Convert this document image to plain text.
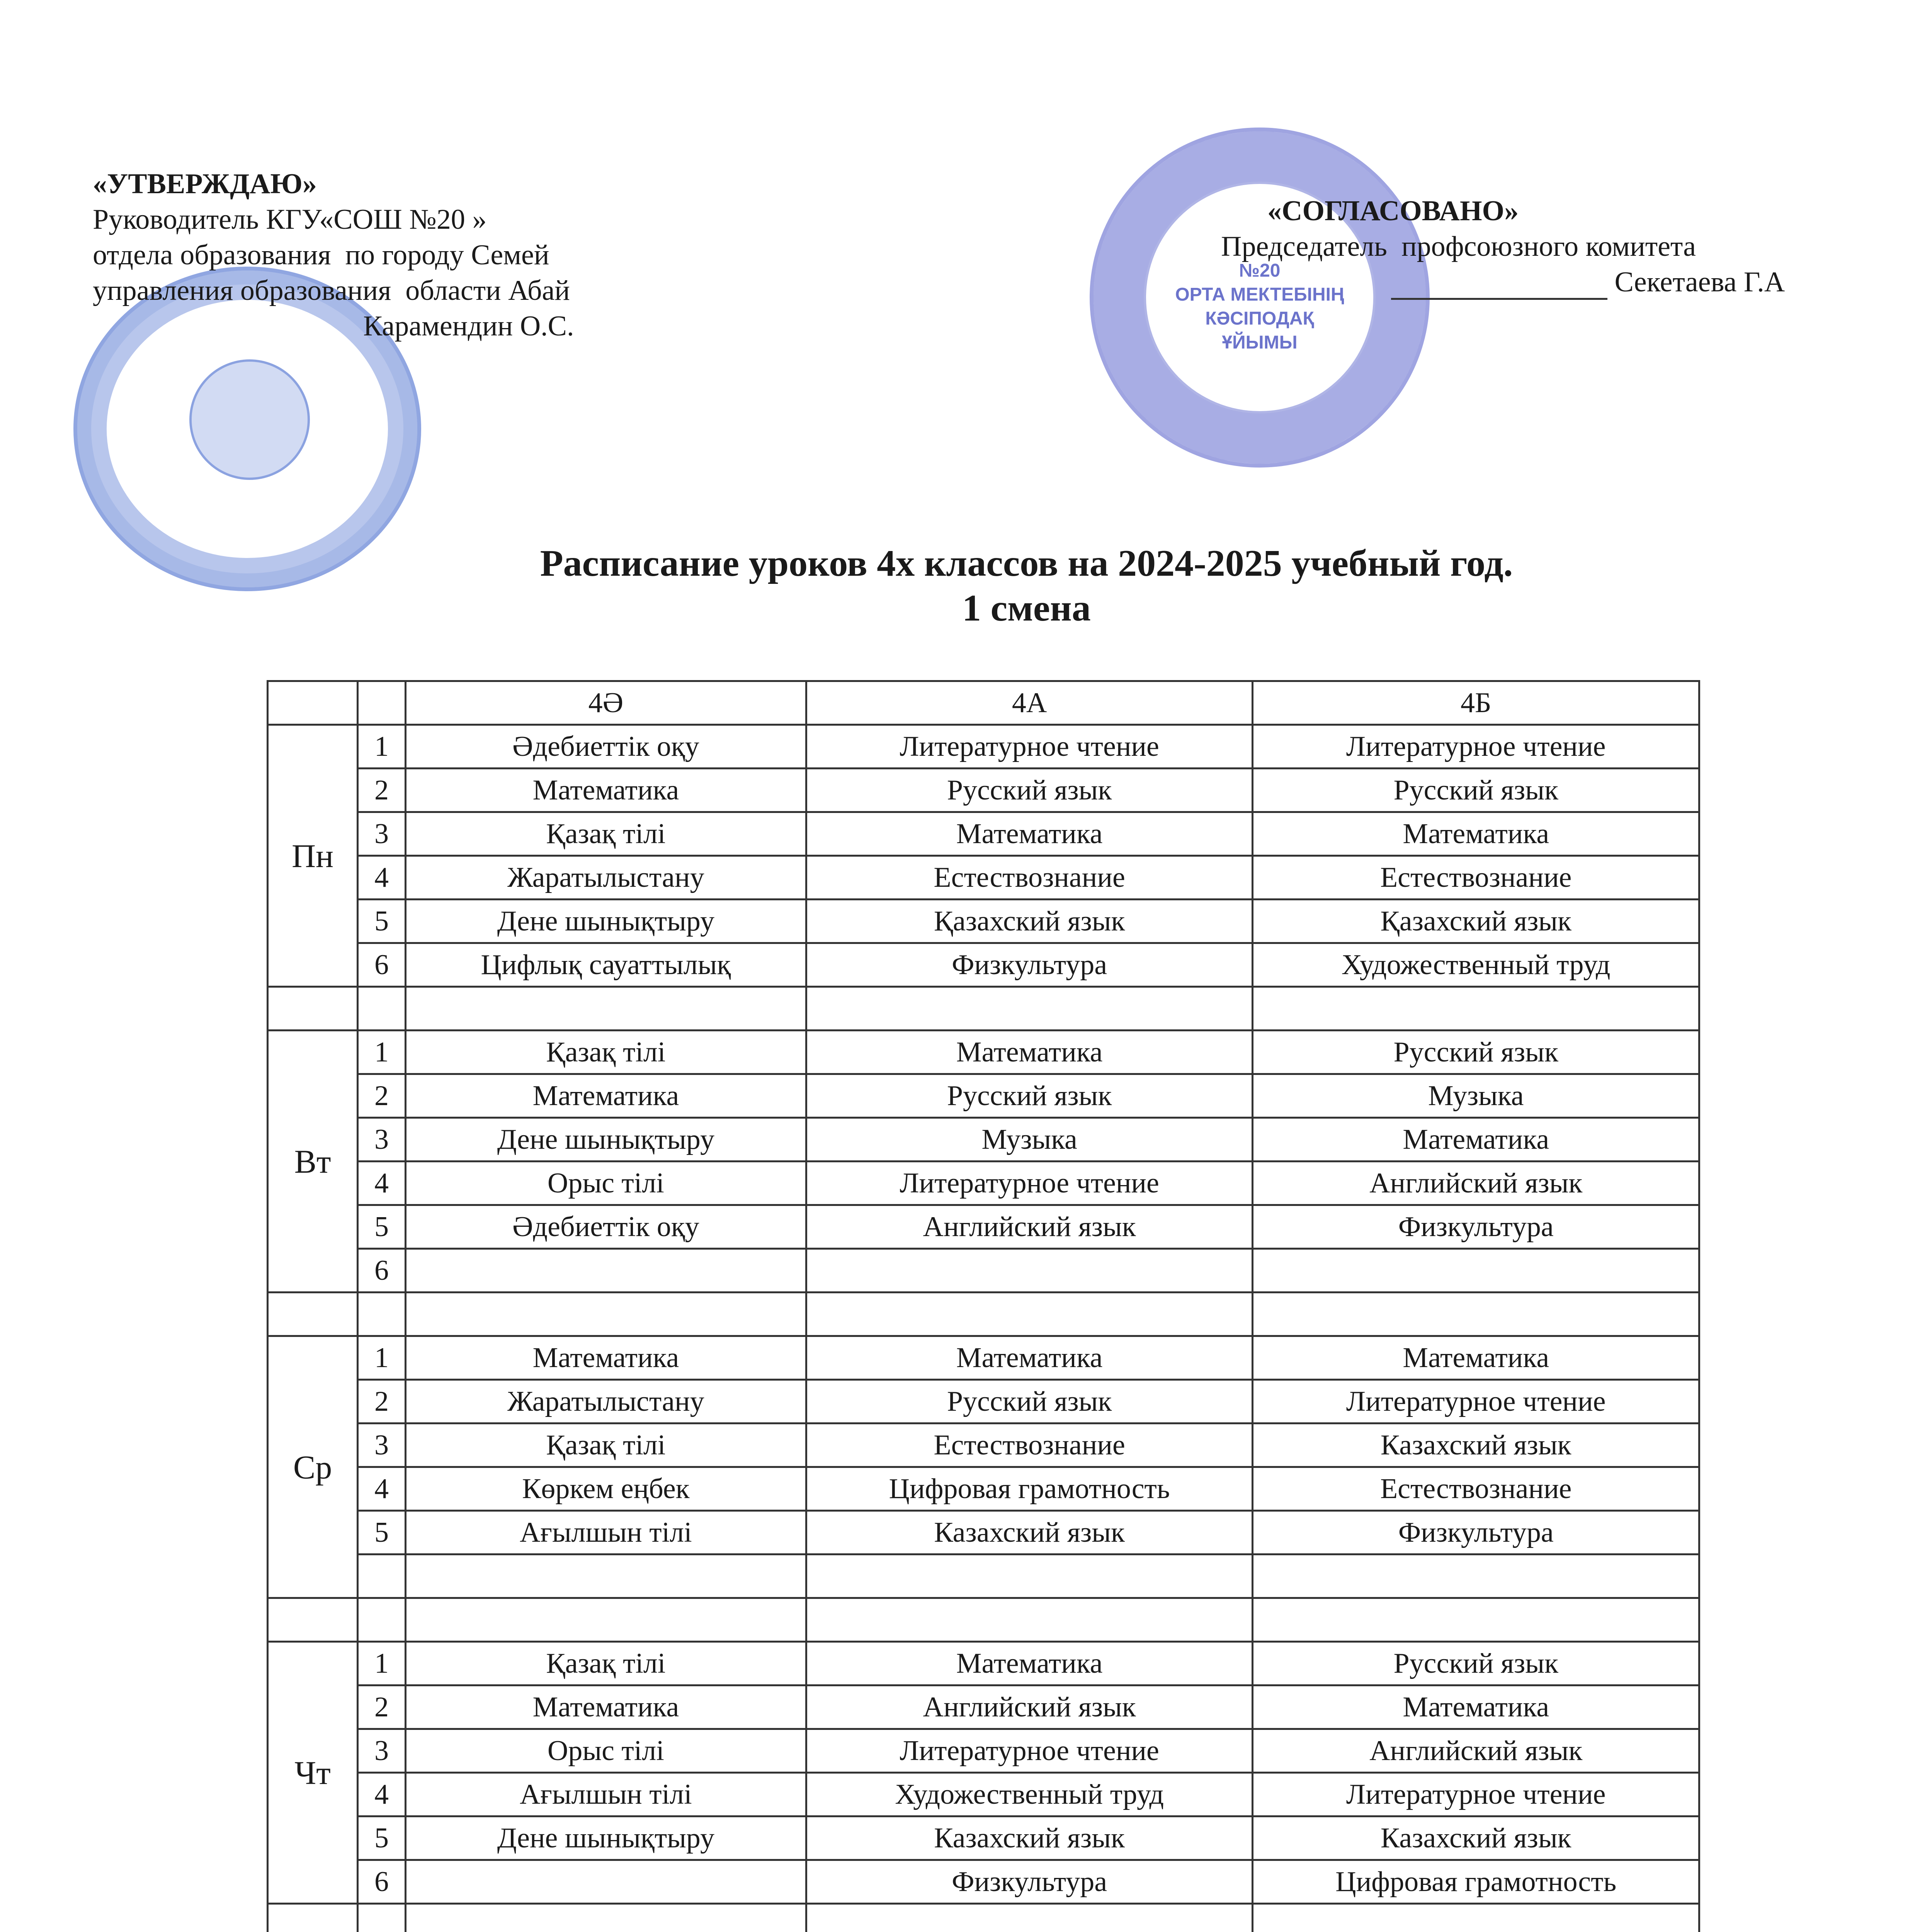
№20
ОРТА МЕКТЕБІНІҢ
КӘСІПОДАҚ
ҰЙЫМЫ
«УТВЕРЖДАЮ»
Руководитель КГУ«СОШ №20 »
отдела образования  по городу Семей
управления образования  области Абай
Карамендин О.С.
«СОГЛАСОВАНО»
Председатель  профсоюзного комитета
Секетаева Г.А
Расписание уроков 4х классов на 2024-2025 учебный год.
1 смена
		4Ә	4А	4Б
Пн	1	Әдебиеттік оқу	Литературное чтение	Литературное чтение
	2	Математика	Русский язык	Русский язык
	3	Қазақ тілі	Математика	Математика
	4	Жаратылыстану	Естествознание	Естествознание
	5	Дене шынықтыру	Қазахский язык	Қазахский язык
	6	Цифлық сауаттылық	Физкультура	Художественный труд

Вт	1	Қазақ тілі	Математика	Русский язык
	2	Математика	Русский язык	Музыка
	3	Дене шынықтыру	Музыка	Математика
	4	Орыс тілі	Литературное чтение	Английский язык
	5	Әдебиеттік оқу	Английский язык	Физкультура
	6			

Ср	1	Математика	Математика	Математика
	2	Жаратылыстану	Русский язык	Литературное чтение
	3	Қазақ тілі	Естествознание	Казахский язык
	4	Көркем еңбек	Цифровая грамотность	Естествознание
	5	Ағылшын тілі	Казахский язык	Физкультура

Чт	1	Қазақ тілі	Математика	Русский язык
	2	Математика	Английский язык	Математика
	3	Орыс тілі	Литературное чтение	Английский язык
	4	Ағылшын тілі	Художественный труд	Литературное чтение
	5	Дене шынықтыру	Казахский язык	Казахский язык
	6		Физкультура	Цифровая грамотность
